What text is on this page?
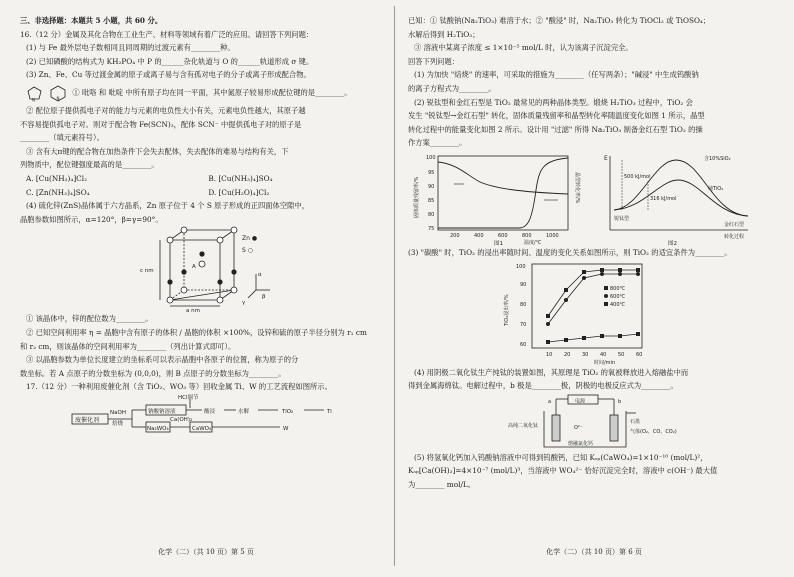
三、非选择题：本题共 5 小题，共 60 分。
16.（12 分）金属及其化合物在工业生产、材料等领域有着广泛的应用。请回答下列问题：
(1) 与 Fe 最外层电子数相同且同周期的过渡元素有________种。
(2) 已知磷酸的结构式为 KH₂PO₄ 中 P 的______杂化轨道与 O 的______轨道形成 σ 键。
(3) Zn、Fe、Cu 等过渡金属的原子或离子易与含有孤对电子的分子或离子形成配合物。
N	N
① 吡咯 和 吡啶 中所有原子均在同一平面，其中氮原子较易形成配位键的是________。
② 配位原子提供孤电子对的能力与元素的电负性大小有关，元素电负性越大，其原子越
不容易提供孤电子对。则对于配合物 Fe(SCN)₃，配体 SCN⁻ 中提供孤电子对的原子是
________（填元素符号）。
③ 含有大π键的配合物在加热条件下会失去配体，失去配体的难易与结构有关，下
列物质中，配位键强度最高的是________。
A. [Cu(NH₃)₄]Cl₂	B. [Cu(NH₃)₄]SO₄
C. [Zn(NH₃)₄]SO₄	D. [Cu(H₂O)₄]Cl₂
(4) 硫化锌(ZnS)晶体属于六方晶系，Zn 原子位于 4 个 S 原子形成的正四面体空隙中，
晶胞参数如图所示，α=120°，β=γ=90°。
Zn ●
S ○
c nm
a nm
A
α
β
γ
① 该晶体中，锌的配位数为________。
② 已知空间利用率 η = 晶胞中含有原子的体积 / 晶胞的体积 ×100%，设锌和硫的原子半径分别为 r₁ cm
和 r₂ cm，则该晶体的空间利用率为________（列出计算式即可）。
③ 以晶胞参数为单位长度建立的坐标系可以表示晶胞中各原子的位置，称为原子的分
数坐标。若 A 点原子的分数坐标为 (0,0,0)，则 B 点原子的分数坐标为________。
17.（12 分）一种利用废催化剂（含 TiO₂、WO₃ 等）回收金属 Ti、W 的工艺流程如图所示。
废催化剂
NaOH
焙烧
HCl调节
钠酸钠溶液	酸浸	水解	TiO₂	Ti
Ca(OH)₂
Na₂WO₄	CaWO₄	W
化学（二）（共 10 页）第 5 页
已知：① 钛酸钠(Na₂TiO₃) 难溶于水；② "酸浸" 时，Na₂TiO₃ 转化为 TiOCl₂ 或 TiOSO₄；
水解后得到 H₂TiO₃；
③ 溶液中某离子浓度 ≤ 1×10⁻⁵ mol/L 时，认为该离子沉淀完全。
回答下列问题：
(1) 为加快 "焙烧" 的速率，可采取的措施为________（任写两条）；"碱浸" 中生成钨酸钠
的离子方程式为________。
(2) 锐钛型和金红石型是 TiO₂ 最常见的两种晶体类型。煅烧 H₂TiO₃ 过程中，TiO₂ 会
发生 "锐钛型→金红石型" 转化，固体质量残留率和晶型转化率随温度变化如图 1 所示，晶型
转化过程中的能量变化如图 2 所示。设计用 "过滤" 所得 Na₂TiO₃ 制备金红石型 TiO₂ 的操
作方案________。
100
95
90
85
80
75
200	400	600	800	1000
固体质量残留率/%	晶型转化率/%
温度/℃
图1
E
转化过程
500 kJ/mol
316 kJ/mol
锐钛型
金红石型
含10%SiO₂
纯TiO₂
图2
(3) "碳酸" 时，TiO₂ 的浸出率随时间、温度的变化关系如图所示，则 TiO₂ 的适宜条件为________。
100
90
80
70
60
10 20 30 40 50 60
TiO₂浸出率/%
时间/min
800℃
600℃
400℃
(4) 用阴极二氧化钛生产纯钛的装置如图，其原理是 TiO₂ 的氧被释放进入熔融盐中而
得到金属海绵钛。电解过程中，b 极是________极，阴极的电极反应式为________。
电源
a	b
高纯二氧化钛
石墨
气体(O₂、CO、CO₂)
O²⁻
熔融氯化钙
(5) 将氢氧化钙加入钨酸钠溶液中可得到钨酸钙，已知 Kₛₚ(CaWO₄)=1×10⁻¹⁰ (mol/L)²，
Kₛₚ[Ca(OH)₂]=4×10⁻⁷ (mol/L)³，当溶液中 WO₄²⁻ 恰好沉淀完全时，溶液中 c(OH⁻) 最大值
为________ mol/L。
化学（二）（共 10 页）第 6 页
